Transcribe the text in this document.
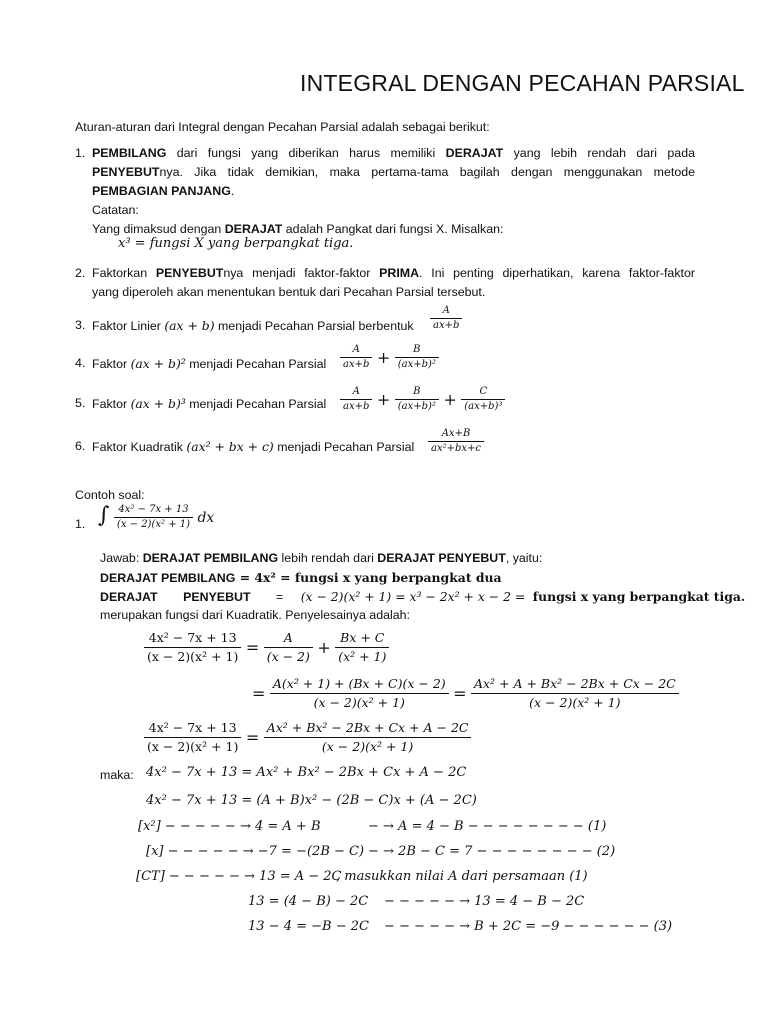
INTEGRAL DENGAN PECAHAN PARSIAL
Aturan-aturan dari Integral dengan Pecahan Parsial adalah sebagai berikut:
1. PEMBILANG dari fungsi yang diberikan harus memiliki DERAJAT yang lebih rendah dari pada
PENYEBUTnya. Jika tidak demikian, maka pertama-tama bagilah dengan menggunakan metode
PEMBAGIAN PANJANG.
Catatan:
Yang dimaksud dengan DERAJAT adalah Pangkat dari fungsi X. Misalkan:
x³ = fungsi X yang berpangkat tiga.
2. Faktorkan PENYEBUTnya menjadi faktor-faktor PRIMA. Ini penting diperhatikan, karena faktor-faktor
yang diperoleh akan menentukan bentuk dari Pecahan Parsial tersebut.
3. Faktor Linier (ax + b) menjadi Pecahan Parsial berbentuk $\frac{A}{ax+b}$
4. Faktor (ax + b)² menjadi Pecahan Parsial $\frac{A}{ax+b} + \frac{B}{\text{(ax+b)²}}$
5. Faktor (ax + b)³ menjadi Pecahan Parsial $\frac{A}{ax+b} + \frac{B}{\text{(ax+b)²}} + \frac{C}{\text{(ax+b)³}}$
6. Faktor Kuadratik (ax² + bx + c) menjadi Pecahan Parsial $\frac{Ax+B}{\text{ax²+bx+c}}$
Contoh soal:
1. ∫ $\frac{\text{4x² − 7x + 13}}{\text{(x − 2)(x² + 1)}}$ dx
Jawab: DERAJAT PEMBILANG lebih rendah dari DERAJAT PENYEBUT, yaitu:
DERAJAT PEMBILANG = 4x² = fungsi x yang berpangkat dua
DERAJAT PENYEBUT = (x − 2)(x² + 1) = x³ − 2x² + x − 2 = fungsi x yang berpangkat tiga.
merupakan fungsi dari Kuadratik. Penyelesainya adalah:
$\frac{\text{4x² − 7x + 13}}{\text{(x − 2)(x² + 1)}} = \frac{A}{(x - 2)} + \frac{Bx + C}{\text{(x² + 1)}}$
= $\frac{\text{A(x² + 1) + (Bx + C)(x − 2)}}{\text{(x − 2)(x² + 1)}} = \frac{\text{Ax² + A + Bx² − 2Bx + Cx − 2C}}{\text{(x − 2)(x² + 1)}}$
$\frac{\text{4x² − 7x + 13}}{\text{(x − 2)(x² + 1)}} = \frac{\text{Ax² + Bx² − 2Bx + Cx + A − 2C}}{\text{(x − 2)(x² + 1)}}$
maka: 4x² − 7x + 13 = Ax² + Bx² − 2Bx + Cx + A − 2C
4x² − 7x + 13 = (A + B)x² − (2B − C)x + (A − 2C)
[x²] − − − − − → 4 = A + B	− → A = 4 − B − − − − − − − − (1)
[x] − − − − − → −7 = −(2B − C) − → 2B − C = 7 − − − − − − − − (2)
[CT] − − − − − → 13 = A − 2C
, masukkan nilai A dari persamaan (1)
13 = (4 − B) − 2C − − − − − → 13 = 4 − B − 2C
13 − 4 = −B − 2C − − − − − → B + 2C = −9 − − − − − − (3)
